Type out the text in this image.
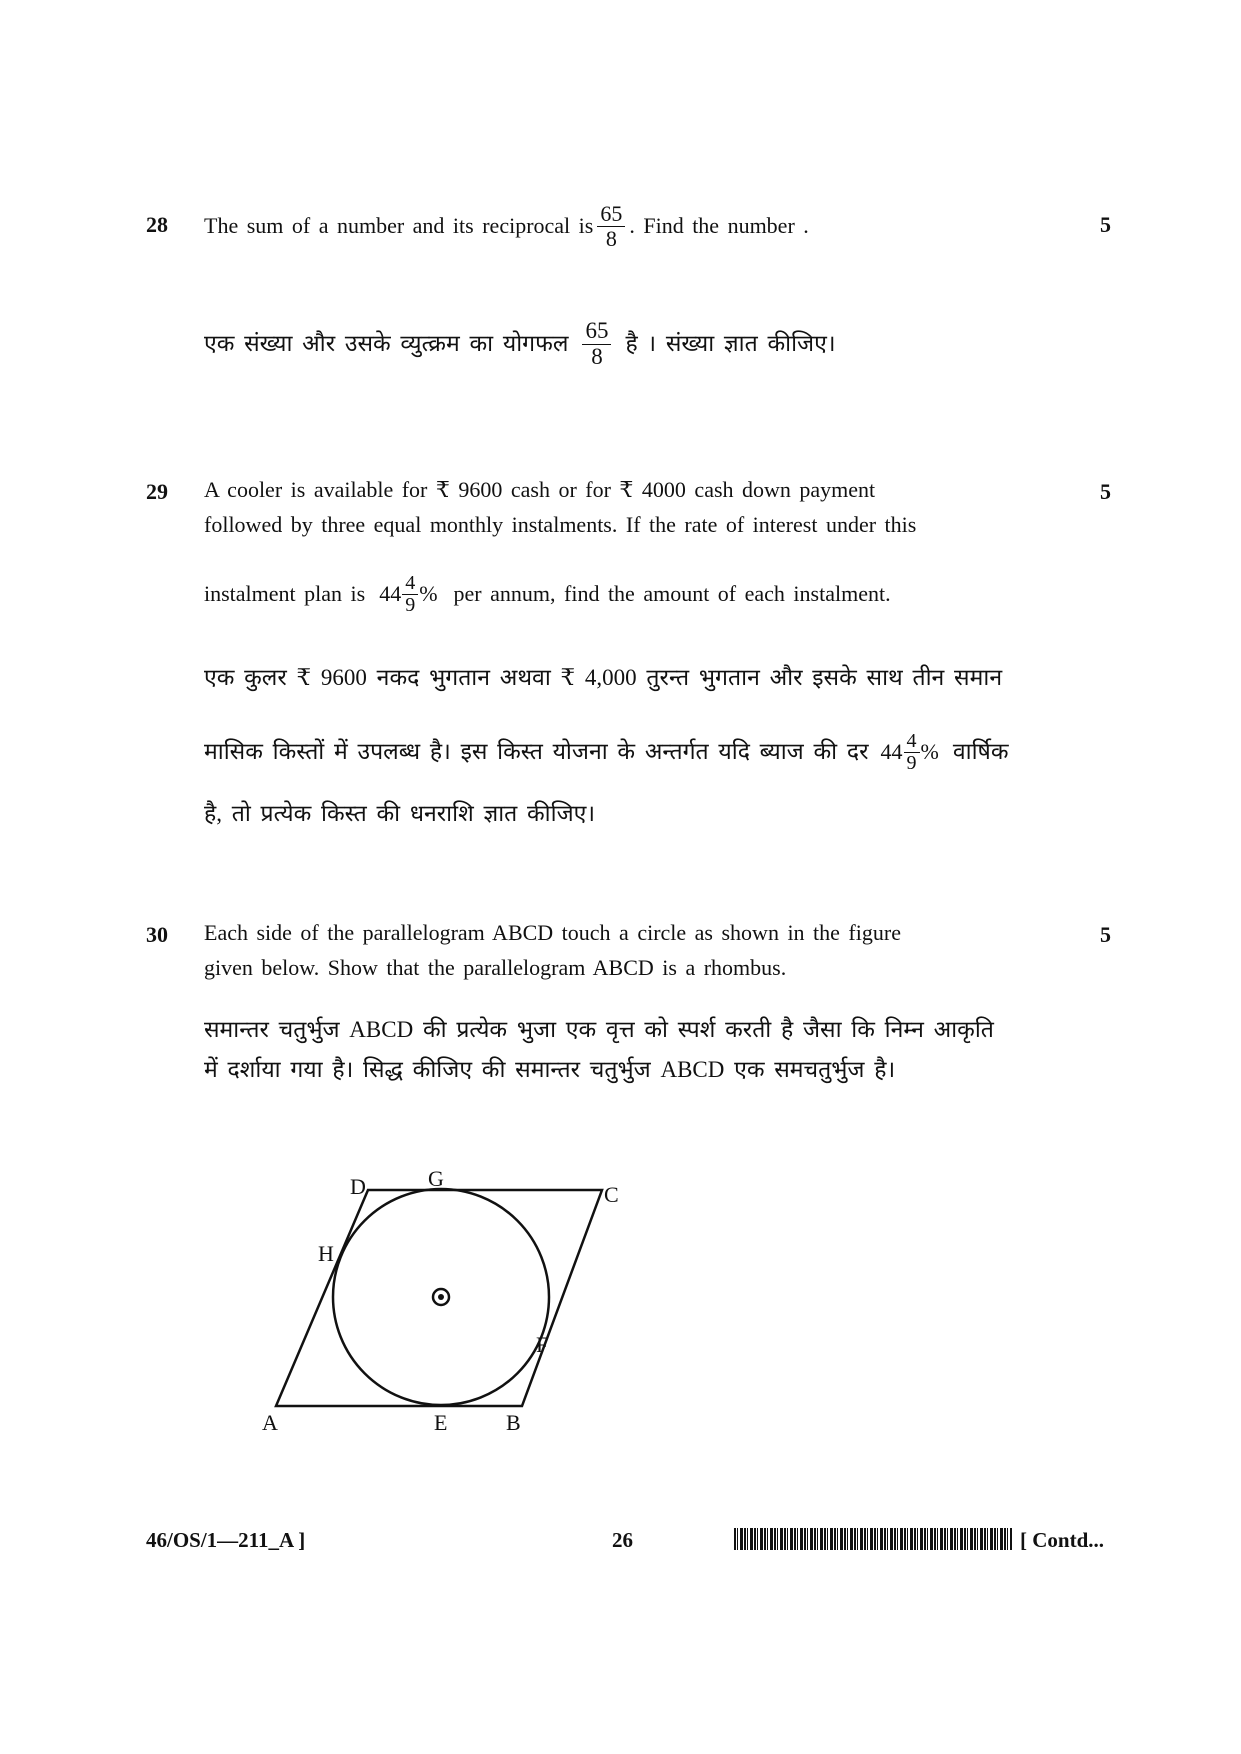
28 The sum of a number and its reciprocal is $\frac{65}{8}$ . Find the number .	5
एक संख्या और उसके व्युत्क्रम का योगफल $\frac{65}{8}$ है । संख्या ज्ञात कीजिए।
29	5
A cooler is available for ₹ 9600 cash or for ₹ 4000 cash down payment
followed by three equal monthly instalments. If the rate of interest under this
instalment plan is $44 \frac{4}{9}$ % per annum, find the amount of each instalment.
एक कुलर ₹ 9600 नकद भुगतान अथवा ₹ 4,000 तुरन्त भुगतान और इसके साथ तीन समान
मासिक किस्तों में उपलब्ध है। इस किस्त योजना के अन्तर्गत यदि ब्याज की दर $44 \frac{4}{9}$ % वार्षिक
है, तो प्रत्येक किस्त की धनराशि ज्ञात कीजिए।
30	5
Each side of the parallelogram ABCD touch a circle as shown in the figure
given below. Show that the parallelogram ABCD is a rhombus.
समान्तर चतुर्भुज ABCD की प्रत्येक भुजा एक वृत्त को स्पर्श करती है जैसा कि निम्न आकृति
में दर्शाया गया है। सिद्ध कीजिए की समान्तर चतुर्भुज ABCD एक समचतुर्भुज है।
A	B
C
D
E
F
G
H
46/OS/1—211_A ]	26	[ Contd...
